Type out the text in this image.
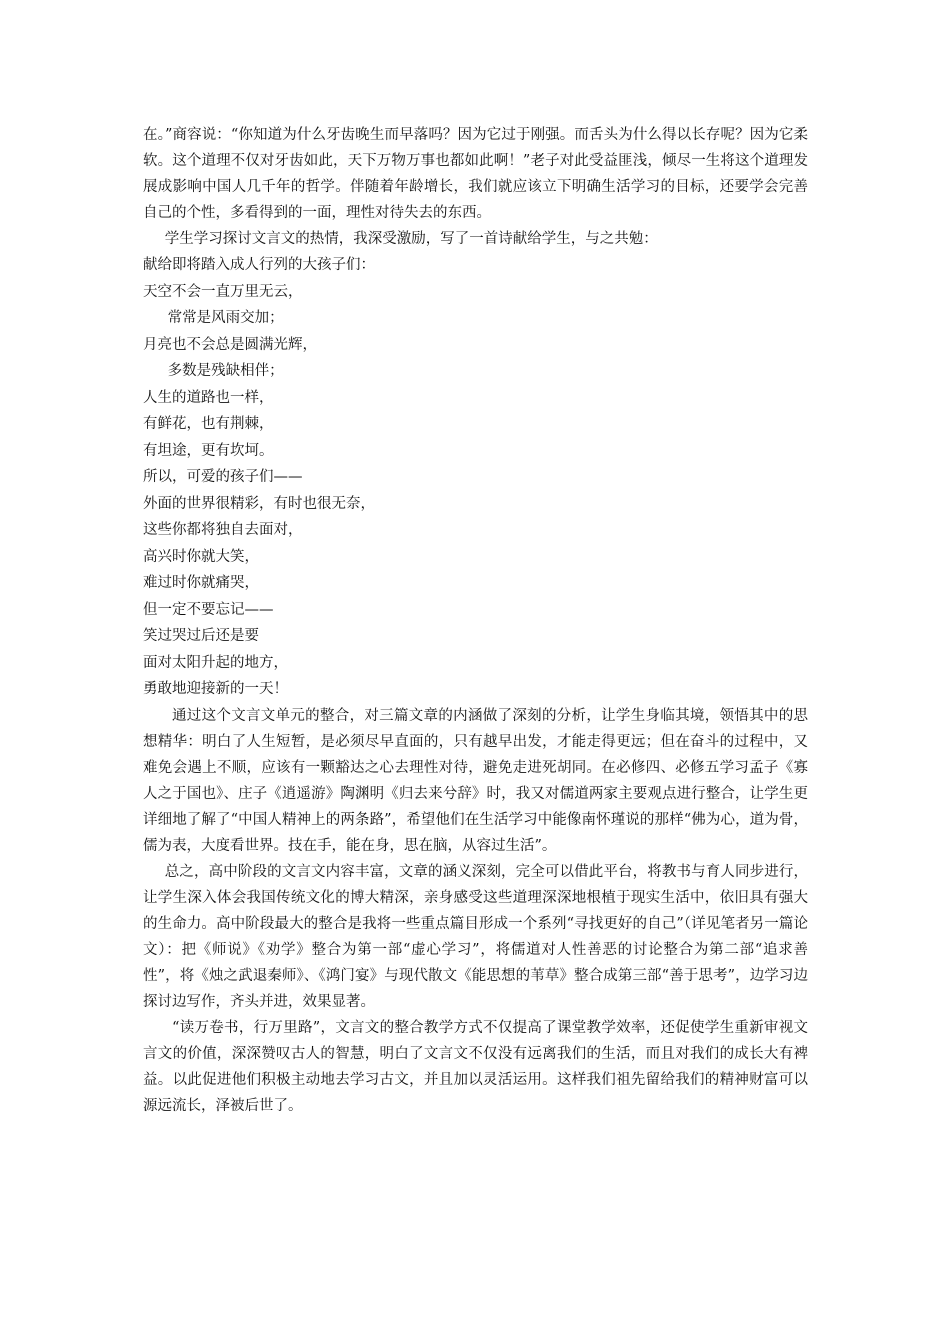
在。”商容说：“你知道为什么牙齿晚生而早落吗？因为它过于刚强。而舌头为什么得以长存呢？因为它柔软。这个道理不仅对牙齿如此，天下万物万事也都如此啊！”老子对此受益匪浅，倾尽一生将这个道理发展成影响中国人几千年的哲学。伴随着年龄增长，我们就应该立下明确生活学习的目标，还要学会完善自己的个性，多看得到的一面，理性对待失去的东西。

学生学习探讨文言文的热情，我深受激励，写了一首诗献给学生，与之共勉：

献给即将踏入成人行列的大孩子们：

天空不会一直万里无云，

常常是风雨交加；

月亮也不会总是圆满光辉，

多数是残缺相伴；

人生的道路也一样，

有鲜花，也有荆棘，

有坦途，更有坎坷。

所以，可爱的孩子们——

外面的世界很精彩，有时也很无奈，

这些你都将独自去面对，

高兴时你就大笑，

难过时你就痛哭，

但一定不要忘记——

笑过哭过后还是要

面对太阳升起的地方，

勇敢地迎接新的一天！

通过这个文言文单元的整合，对三篇文章的内涵做了深刻的分析，让学生身临其境，领悟其中的思想精华：明白了人生短暂，是必须尽早直面的，只有越早出发，才能走得更远；但在奋斗的过程中，又难免会遇上不顺，应该有一颗豁达之心去理性对待，避免走进死胡同。在必修四、必修五学习孟子《寡人之于国也》、庄子《逍遥游》陶渊明《归去来兮辞》时，我又对儒道两家主要观点进行整合，让学生更详细地了解了“中国人精神上的两条路”，希望他们在生活学习中能像南怀瑾说的那样“佛为心，道为骨，儒为表，大度看世界。技在手，能在身，思在脑，从容过生活”。

总之，高中阶段的文言文内容丰富，文章的涵义深刻，完全可以借此平台，将教书与育人同步进行，让学生深入体会我国传统文化的博大精深，亲身感受这些道理深深地根植于现实生活中，依旧具有强大的生命力。高中阶段最大的整合是我将一些重点篇目形成一个系列“寻找更好的自己”（详见笔者另一篇论文）：把《师说》《劝学》整合为第一部“虚心学习”，将儒道对人性善恶的讨论整合为第二部“追求善性”，将《烛之武退秦师》、《鸿门宴》与现代散文《能思想的苇草》整合成第三部“善于思考”，边学习边探讨边写作，齐头并进，效果显著。

“读万卷书，行万里路”，文言文的整合教学方式不仅提高了课堂教学效率，还促使学生重新审视文言文的价值，深深赞叹古人的智慧，明白了文言文不仅没有远离我们的生活，而且对我们的成长大有裨益。以此促进他们积极主动地去学习古文，并且加以灵活运用。这样我们祖先留给我们的精神财富可以源远流长，泽被后世了。
